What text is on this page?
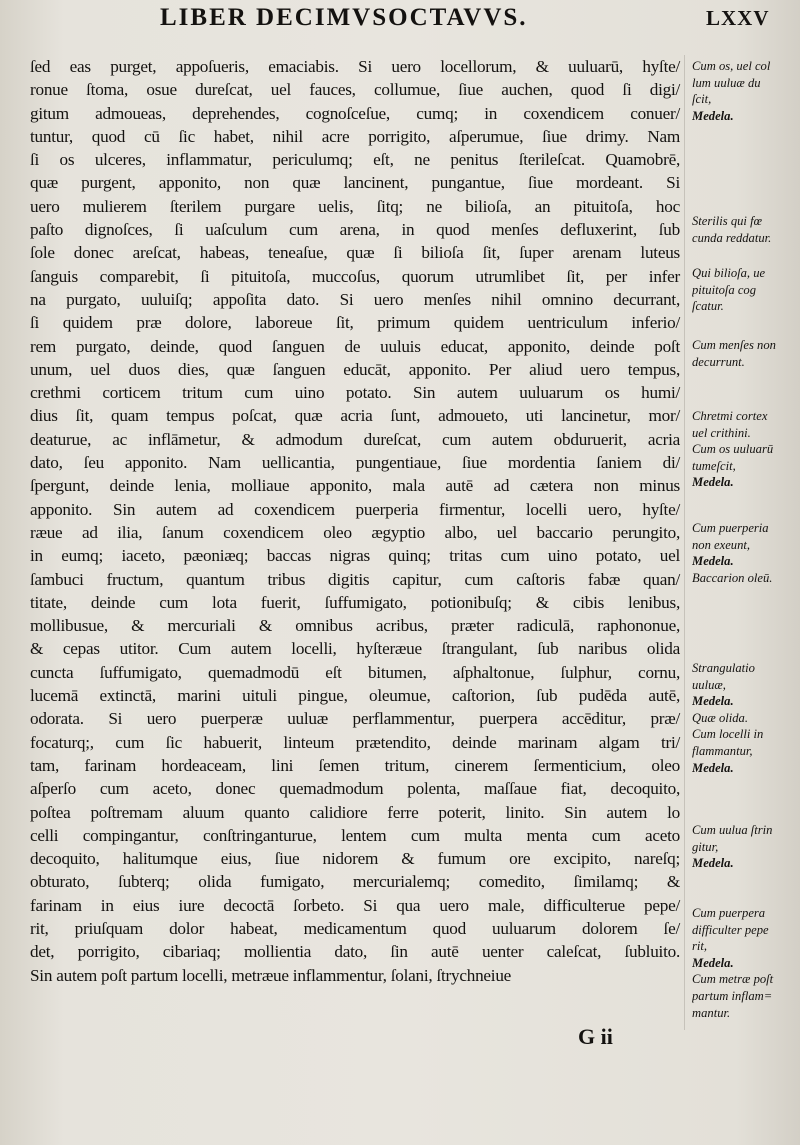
LIBER DECIMVSOCTAVVS.	LXXV
ſed eas purget, appoſueris, emaciabis. Si uero locellorum, & uuluarū, hyſte/
ronue ſtoma, osue dureſcat, uel fauces, collumue, ſiue auchen, quod ſi digi/
gitum admoueas, deprehendes, cognoſceſue, cumq; in coxendicem conuer/
tuntur, quod cū ſic habet, nihil acre porrigito, aſperumue, ſiue drimy. Nam
ſi os ulceres, inflammatur, periculumq; eſt, ne penitus ſterileſcat. Quamobrē,
quæ purgent, apponito, non quæ lancinent, pungantue, ſiue mordeant. Si
uero mulierem ſterilem purgare uelis, ſitq; ne bilioſa, an pituitoſa, hoc
paſto dignoſces, ſi uaſculum cum arena, in quod menſes defluxerint, ſub
ſole donec areſcat, habeas, teneaſue, quæ ſi bilioſa ſit, ſuper arenam luteus
ſanguis comparebit, ſi pituitoſa, muccoſus, quorum utrumlibet ſit, per infer
na purgato, uuluiſq; appoſita dato. Si uero menſes nihil omnino decurrant,
ſi quidem præ dolore, laboreue ſit, primum quidem uentriculum inferio/
rem purgato, deinde, quod ſanguen de uuluis educat, apponito, deinde poſt
unum, uel duos dies, quæ ſanguen educāt, apponito. Per aliud uero tempus,
crethmi corticem tritum cum uino potato. Sin autem uuluarum os humi/
dius ſit, quam tempus poſcat, quæ acria ſunt, admoueto, uti lancinetur, mor/
deaturue, ac inflāmetur, & admodum dureſcat, cum autem obduruerit, acria
dato, ſeu apponito. Nam uellicantia, pungentiaue, ſiue mordentia ſaniem di/
ſpergunt, deinde lenia, molliaue apponito, mala autē ad cætera non minus
apponito. Sin autem ad coxendicem puerperia firmentur, locelli uero, hyſte/
ræue ad ilia, ſanum coxendicem oleo ægyptio albo, uel baccario perungito,
in eumq; iaceto, pæoniæq; baccas nigras quinq; tritas cum uino potato, uel
ſambuci fructum, quantum tribus digitis capitur, cum caſtoris fabæ quan/
titate, deinde cum lota fuerit, ſuffumigato, potionibuſq; & cibis lenibus,
mollibusue, & mercuriali & omnibus acribus, præter radiculā, raphononue,
& cepas utitor. Cum autem locelli, hyſteræue ſtrangulant, ſub naribus olida
cuncta ſuffumigato, quemadmodū eſt bitumen, aſphaltonue, ſulphur, cornu,
lucemā extinctā, marini uituli pingue, oleumue, caſtorion, ſub pudēda autē,
odorata. Si uero puerperæ uuluæ perflammentur, puerpera accēditur, præ/
focaturq;, cum ſic habuerit, linteum prætendito, deinde marinam algam tri/
tam, farinam hordeaceam, lini ſemen tritum, cinerem ſermenticium, oleo
aſperſo cum aceto, donec quemadmodum polenta, maſſaue fiat, decoquito,
poſtea poſtremam aluum quanto calidiore ferre poterit, linito. Sin autem lo
celli compingantur, conſtringanturue, lentem cum multa menta cum aceto
decoquito, halitumque eius, ſiue nidorem & fumum ore excipito, nareſq;
obturato, ſubterq; olida fumigato, mercurialemq; comedito, ſimilamq; &
farinam in eius iure decoctā ſorbeto. Si qua uero male, difficulterue pepe/
rit, priuſquam dolor habeat, medicamentum quod uuluarum dolorem ſe/
det, porrigito, cibariaq; mollientia dato, ſin autē uenter caleſcat, ſubluito.
Sin autem poſt partum locelli, metræue inflammentur, ſolani, ſtrychneiue
Cum os, uel col
lum uuluæ du
ſcit,
Medela.
Sterilis qui fœ
cunda reddatur.
Qui bilioſa, ue
pituitoſa cog
ſcatur.
Cum menſes non
decurrunt.
Chretmi cortex
uel crithini.
Cum os uuluarū
tumeſcit,
Medela.
Cum puerperia
non exeunt,
Medela.
Baccarion oleū.
Strangulatio
uuluæ,
Medela.
Quæ olida.
Cum locelli in
flammantur,
Medela.
Cum uulua ſtrin
gitur,
Medela.
Cum puerpera
difficulter pepe
rit,
Medela.
Cum metræ poſt
partum inflam=
mantur.
G ii
